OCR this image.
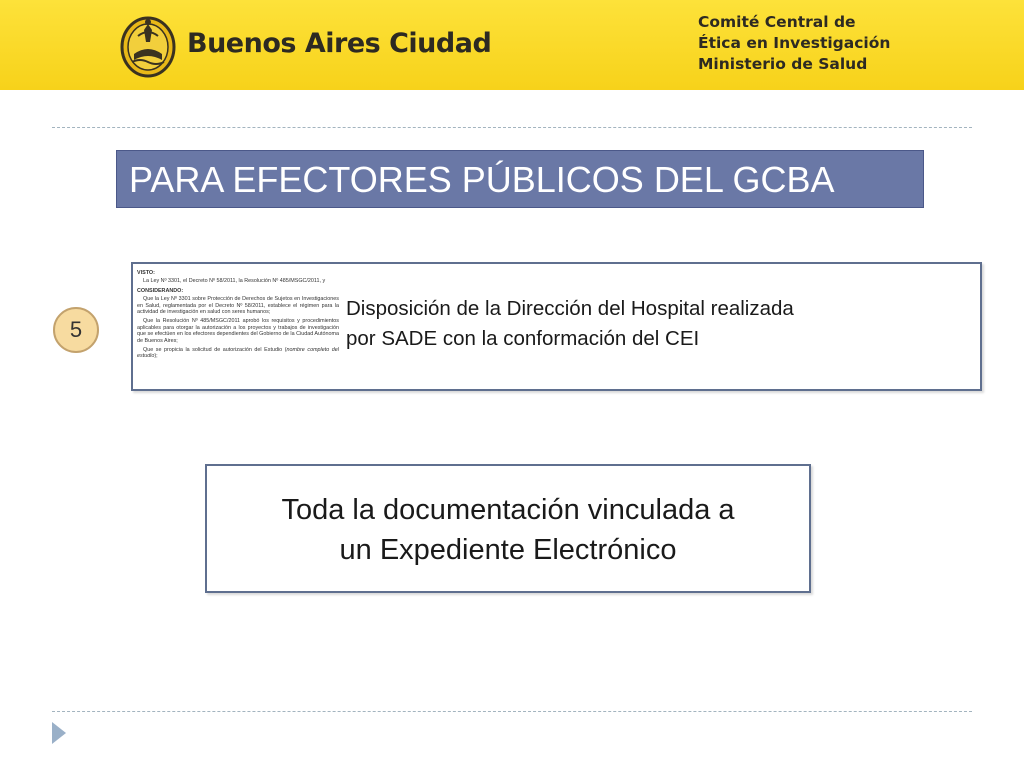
Buenos Aires Ciudad
Comité Central de
Ética en Investigación
Ministerio de Salud
PARA EFECTORES PÚBLICOS DEL GCBA
5
VISTO:
La Ley Nº 3301, el Decreto Nº 58/2011, la Resolución Nº 485/MSGC/2011, y
CONSIDERANDO:
Que la Ley Nº 3301 sobre Protección de Derechos de Sujetos en Investigaciones en Salud, reglamentada por el Decreto Nº 58/2011, establece el régimen para la actividad de investigación en salud con seres humanos;
Que la Resolución Nº 485/MSGC/2011 aprobó los requisitos y procedimientos aplicables para otorgar la autorización a los proyectos y trabajos de investigación que se efectúen en los efectores dependientes del Gobierno de la Ciudad Autónoma de Buenos Aires;
Que se propicia la solicitud de autorización del Estudio (nombre completo del estudio);
Disposición de la Dirección del Hospital realizada
por SADE con la conformación del CEI
Toda la documentación vinculada a
un Expediente Electrónico
